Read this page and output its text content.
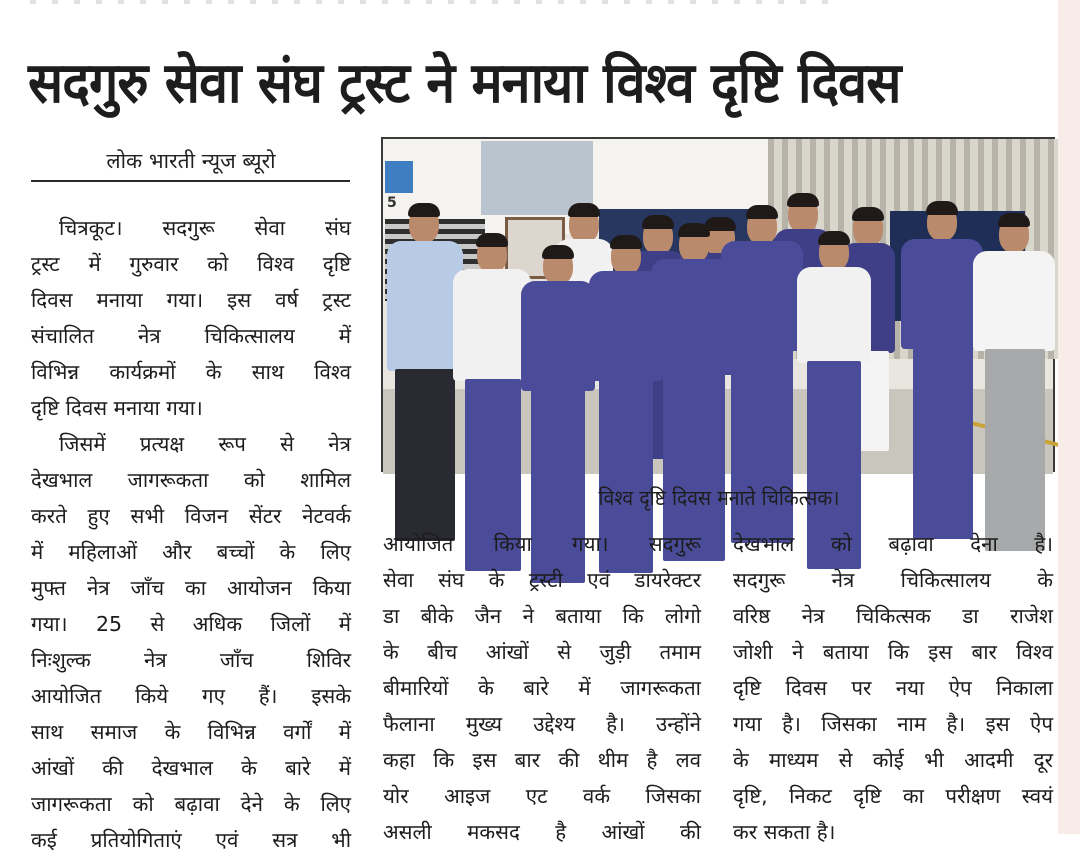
सदगुरु सेवा संघ ट्रस्ट ने मनाया विश्व दृष्टि दिवस
लोक भारती न्यूज ब्यूरो

चित्रकूट। सदगुरू सेवा संघ

ट्रस्ट में गुरुवार को विश्व दृष्टि

दिवस मनाया गया। इस वर्ष ट्रस्ट

संचालित नेत्र चिकित्सालय में

विभिन्न कार्यक्रमों के साथ विश्व

दृष्टि दिवस मनाया गया।

जिसमें प्रत्यक्ष रूप से नेत्र

देखभाल जागरूकता को शामिल

करते हुए सभी विजन सेंटर नेटवर्क

में महिलाओं और बच्चों के लिए

मुफ्त नेत्र जाँच का आयोजन किया

गया। 25 से अधिक जिलों में

निःशुल्क नेत्र जाँच शिविर

आयोजित किये गए हैं। इसके

साथ समाज के विभिन्न वर्गों में

आंखों की देखभाल के बारे में

जागरूकता को बढ़ावा देने के लिए

कई प्रतियोगिताएं एवं सत्र भी

5
विश्व दृष्टि दिवस मनाते चिकित्सक।

आयोजित किया गया। सदगुरू

सेवा संघ के ट्रस्टी एवं डायरेक्टर

डा बीके जैन ने बताया कि लोगो

के बीच आंखों से जुड़ी तमाम

बीमारियों के बारे में जागरूकता

फैलाना मुख्य उद्देश्य है। उन्होंने

कहा कि इस बार की थीम है लव

योर आइज एट वर्क जिसका

असली मकसद है आंखों की

देखभाल को बढ़ावा देना है।

सदगुरू नेत्र चिकित्सालय के

वरिष्ठ नेत्र चिकित्सक डा राजेश

जोशी ने बताया कि इस बार विश्व

दृष्टि दिवस पर नया ऐप निकाला

गया है। जिसका नाम है। इस ऐप

के माध्यम से कोई भी आदमी दूर

दृष्टि, निकट दृष्टि का परीक्षण स्वयं

कर सकता है।
